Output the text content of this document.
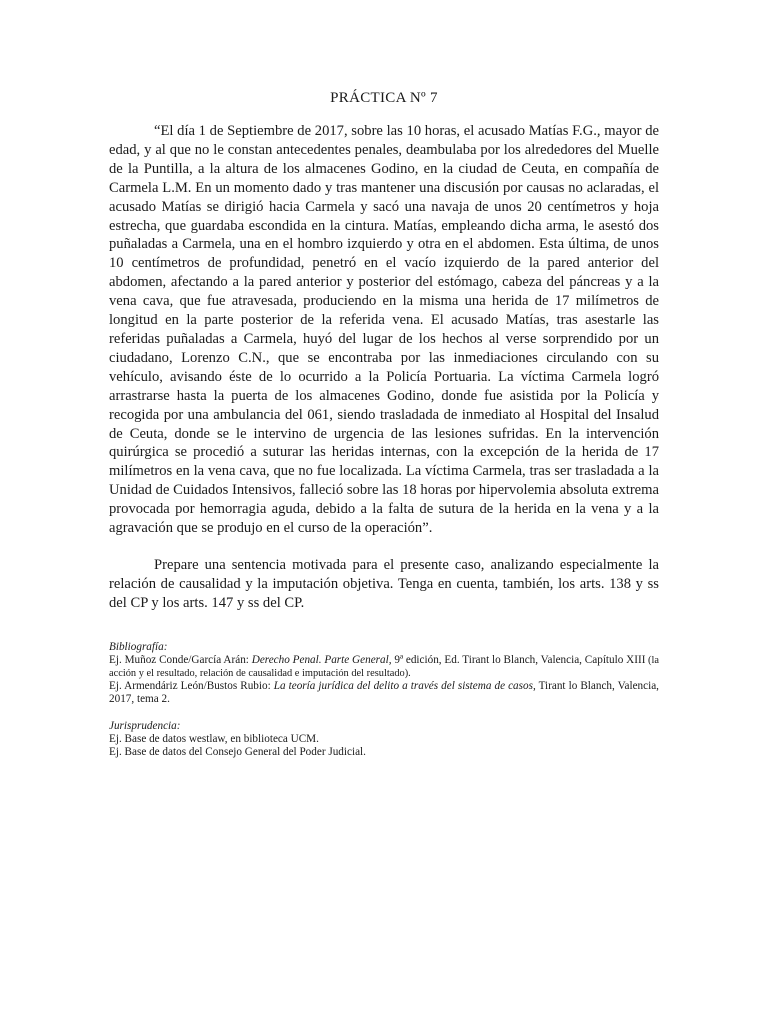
PRÁCTICA Nº 7

“El día 1 de Septiembre de 2017, sobre las 10 horas, el acusado Matías F.G., mayor de edad, y al que no le constan antecedentes penales, deambulaba por los alrededores del Muelle de la Puntilla, a la altura de los almacenes Godino, en la ciudad de Ceuta, en compañía de Carmela L.M. En un momento dado y tras mantener una discusión por causas no aclaradas, el acusado Matías se dirigió hacia Carmela y sacó una navaja de unos 20 centímetros y hoja estrecha, que guardaba escondida en la cintura. Matías, empleando dicha arma, le asestó dos puñaladas a Carmela, una en el hombro izquierdo y otra en el abdomen. Esta última, de unos 10 centímetros de profundidad, penetró en el vacío izquierdo de la pared anterior del abdomen, afectando a la pared anterior y posterior del estómago, cabeza del páncreas y a la vena cava, que fue atravesada, produciendo en la misma una herida de 17 milímetros de longitud en la parte posterior de la referida vena. El acusado Matías, tras asestarle las referidas puñaladas a Carmela, huyó del lugar de los hechos al verse sorprendido por un ciudadano, Lorenzo C.N., que se encontraba por las inmediaciones circulando con su vehículo, avisando éste de lo ocurrido a la Policía Portuaria. La víctima Carmela logró arrastrarse hasta la puerta de los almacenes Godino, donde fue asistida por la Policía y recogida por una ambulancia del 061, siendo trasladada de inmediato al Hospital del Insalud de Ceuta, donde se le intervino de urgencia de las lesiones sufridas. En la intervención quirúrgica se procedió a suturar las heridas internas, con la excepción de la herida de 17 milímetros en la vena cava, que no fue localizada. La víctima Carmela, tras ser trasladada a la Unidad de Cuidados Intensivos, falleció sobre las 18 horas por hipervolemia absoluta extrema provocada por hemorragia aguda, debido a la falta de sutura de la herida en la vena y a la agravación que se produjo en el curso de la operación”.

Prepare una sentencia motivada para el presente caso, analizando especialmente la relación de causalidad y la imputación objetiva. Tenga en cuenta, también, los arts. 138 y ss del CP y los arts. 147 y ss del CP.

Bibliografía:
Ej. Muñoz Conde/García Arán: Derecho Penal. Parte General, 9ª edición, Ed. Tirant lo Blanch, Valencia, Capítulo XIII (la acción y el resultado, relación de causalidad e imputación del resultado).
Ej. Armendáriz León/Bustos Rubio: La teoría jurídica del delito a través del sistema de casos, Tirant lo Blanch, Valencia, 2017, tema 2.
Jurisprudencia:
Ej. Base de datos westlaw, en biblioteca UCM.
Ej. Base de datos del Consejo General del Poder Judicial.
